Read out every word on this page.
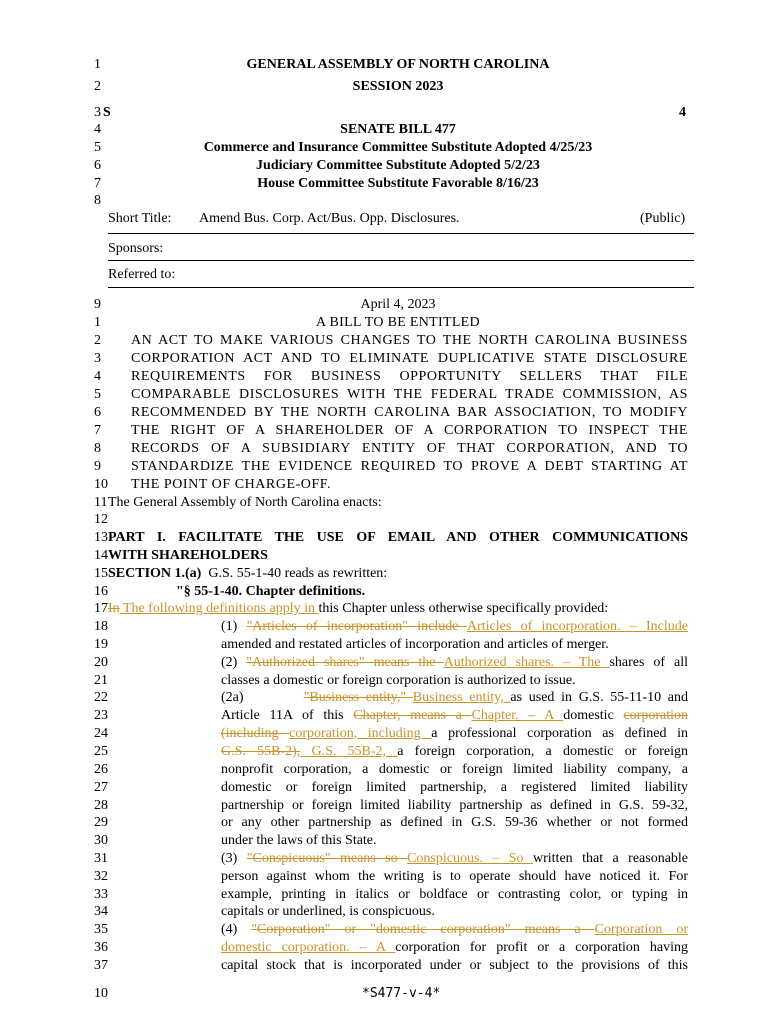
1	GENERAL ASSEMBLY OF NORTH CAROLINA
2	SESSION 2023
3 S	4
4	SENATE BILL 477
5	Commerce and Insurance Committee Substitute Adopted 4/25/23
6	Judiciary Committee Substitute Adopted 5/2/23
7	House Committee Substitute Favorable 8/16/23
8
Short Title: Amend Bus. Corp. Act/Bus. Opp. Disclosures.	(Public)
Sponsors:
Referred to:
9	April 4, 2023
1	A BILL TO BE ENTITLED
2	AN ACT TO MAKE VARIOUS CHANGES TO THE NORTH CAROLINA BUSINESS
3	CORPORATION ACT AND TO ELIMINATE DUPLICATIVE STATE DISCLOSURE
4	REQUIREMENTS FOR BUSINESS OPPORTUNITY SELLERS THAT FILE
5	COMPARABLE DISCLOSURES WITH THE FEDERAL TRADE COMMISSION, AS
6	RECOMMENDED BY THE NORTH CAROLINA BAR ASSOCIATION, TO MODIFY
7	THE RIGHT OF A SHAREHOLDER OF A CORPORATION TO INSPECT THE
8	RECORDS OF A SUBSIDIARY ENTITY OF THAT CORPORATION, AND TO
9	STANDARDIZE THE EVIDENCE REQUIRED TO PROVE A DEBT STARTING AT
10 THE POINT OF CHARGE-OFF.
11 The General Assembly of North Carolina enacts:
12
13 PART I. FACILITATE THE USE OF EMAIL AND OTHER COMMUNICATIONS
14 WITH SHAREHOLDERS
15 SECTION 1.(a) G.S. 55-1-40 reads as rewritten:
16	"§ 55-1-40. Chapter definitions.
17 In The following definitions apply in this Chapter unless otherwise specifically provided:
18
19
20
21
22
23
24
25
26
27
28
29
30
31
32
33
34
35
36
37
(1) "Articles of incorporation" include Articles of incorporation. – Include
amended and restated articles of incorporation and articles of merger.
(2) "Authorized shares" means the Authorized shares. – The shares of all
classes a domestic or foreign corporation is authorized to issue.
(2a)	"Business entity," Business entity, as used in G.S. 55-11-10 and
Article 11A of this Chapter, means a Chapter. – A domestic corporation
(including corporation, including a professional corporation as defined in
G.S. 55B-2), G.S. 55B-2, a foreign corporation, a domestic or foreign
nonprofit corporation, a domestic or foreign limited liability company, a
domestic or foreign limited partnership, a registered limited liability
partnership or foreign limited liability partnership as defined in G.S. 59-32,
or any other partnership as defined in G.S. 59-36 whether or not formed
under the laws of this State.
(3) "Conspicuous" means so Conspicuous. – So written that a reasonable
person against whom the writing is to operate should have noticed it. For
example, printing in italics or boldface or contrasting color, or typing in
capitals or underlined, is conspicuous.
(4) "Corporation" or "domestic corporation" means a Corporation or
domestic corporation. – A corporation for profit or a corporation having
capital stock that is incorporated under or subject to the provisions of this
10	*S477-v-4*
